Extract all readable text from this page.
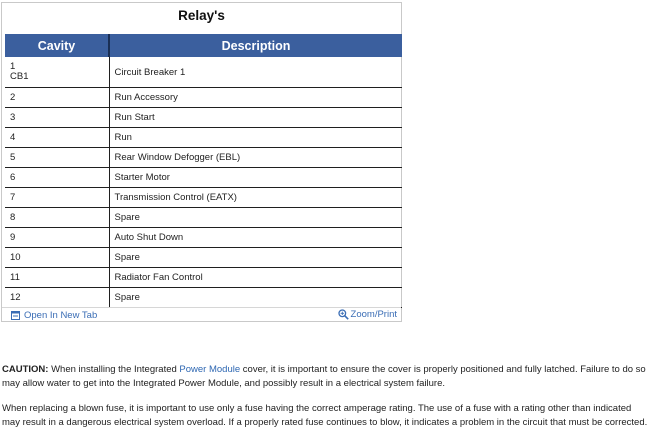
Relay's
Cavity	Description

1
CB1	Circuit Breaker 1

2	Run Accessory

3	Run Start

4	Run

5	Rear Window Defogger (EBL)

6	Starter Motor

7	Transmission Control (EATX)

8	Spare

9	Auto Shut Down

10	Spare

11	Radiator Fan Control

12	Spare
Open In New Tab	Zoom/Print

CAUTION: When installing the Integrated Power Module cover, it is important to ensure the cover is properly positioned and fully latched. Failure to do so may allow water to get into the Integrated Power Module, and possibly result in a electrical system failure.

When replacing a blown fuse, it is important to use only a fuse having the correct amperage rating. The use of a fuse with a rating other than indicated may result in a dangerous electrical system overload. If a properly rated fuse continues to blow, it indicates a problem in the circuit that must be corrected.
